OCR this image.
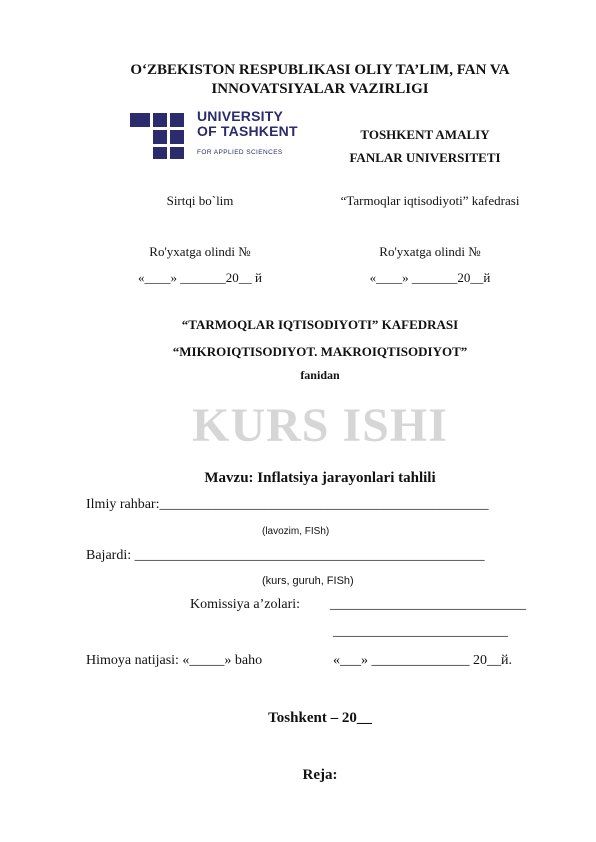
O‘ZBEKISTON RESPUBLIKASI OLIY TA’LIM, FAN VA
INNOVATSIYALAR VAZIRLIGI
UNIVERSITY
OF TASHKENT
FOR APPLIED SCIENCES
TOSHKENT AMALIY
FANLAR UNIVERSITETI
Sirtqi bo`lim	“Tarmoqlar iqtisodiyoti” kafedrasi
Ro'yxatga olindi №
«____» _______20__ й
Ro'yxatga olindi №
«____» _______20__й
“TARMOQLAR IQTISODIYOTI” KAFEDRASI
“MIKROIQTISODIYOT. MAKROIQTISODIYOT”
fanidan
KURS ISHI
Mavzu: Inflatsiya jarayonlari tahlili
Ilmiy rahbar:_______________________________________________
(lavozim, FISh)
Bajardi: __________________________________________________
(kurs, guruh, FISh)
Komissiya a’zolari: ____________________________
_________________________
Himoya natijasi: «_____» baho	«___» ______________ 20__й.
Toshkent – 20__
Reja:
